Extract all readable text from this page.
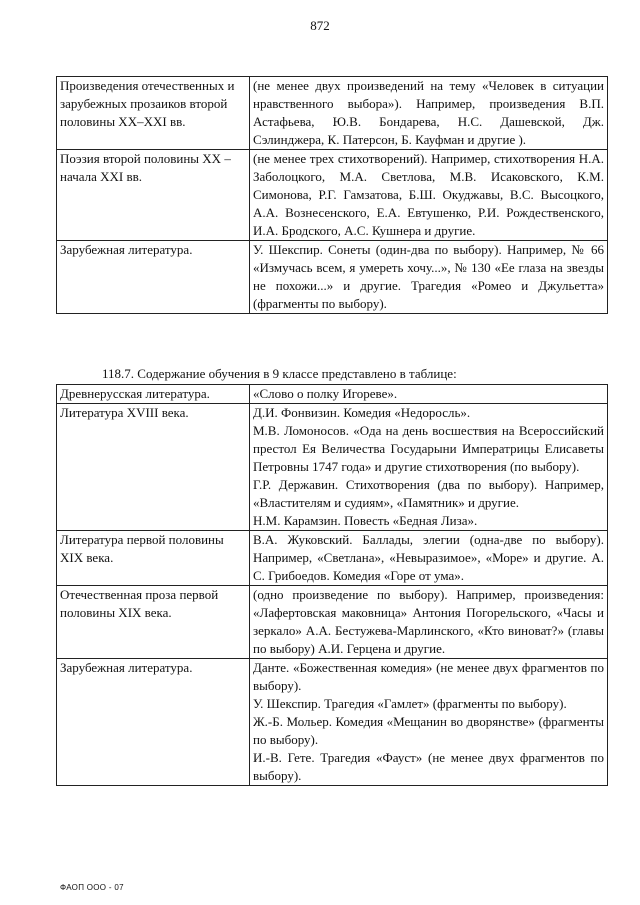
872
Произведения отечественных и зарубежных прозаиков второй половины XX–XXI вв.	(не менее двух произведений на тему «Человек в ситуации нравственного выбора»). Например, произведения В.П. Астафьева, Ю.В. Бондарева, Н.С. Дашевской, Дж. Сэлинджера, К. Патерсон, Б. Кауфман и другие ).

Поэзия второй половины XX – начала XXI вв.	(не менее трех стихотворений). Например, стихотворения Н.А. Заболоцкого, М.А. Светлова, М.В. Исаковского, К.М. Симонова, Р.Г. Гамзатова, Б.Ш. Окуджавы, В.С. Высоцкого, А.А. Вознесенского, Е.А. Евтушенко, Р.И. Рождественского, И.А. Бродского, А.С. Кушнера и другие.

Зарубежная литература.	У. Шекспир. Сонеты (один-два по выбору). Например, № 66 «Измучась всем, я умереть хочу...», № 130 «Ее глаза на звезды не похожи...» и другие. Трагедия «Ромео и Джульетта» (фрагменты по выбору).
118.7. Содержание обучения в 9 классе представлено в таблице:
Древнерусская литература.	«Слово о полку Игореве».

Литература XVIII века.	Д.И. Фонвизин. Комедия «Недоросль».
М.В. Ломоносов. «Ода на день восшествия на Всероссийский престол Ея Величества Государыни Императрицы Елисаветы Петровны 1747 года» и другие стихотворения (по выбору).
Г.Р. Державин. Стихотворения (два по выбору). Например, «Властителям и судиям», «Памятник» и другие.
Н.М. Карамзин. Повесть «Бедная Лиза».

Литература первой половины XIX века.	В.А. Жуковский. Баллады, элегии (одна-две по выбору). Например, «Светлана», «Невыразимое», «Море» и другие. А. С. Грибоедов. Комедия «Горе от ума».

Отечественная проза первой половины XIX века.	(одно произведение по выбору). Например, произведения: «Лафертовская маковница» Антония Погорельского, «Часы и зеркало» А.А. Бестужева-Марлинского, «Кто виноват?» (главы по выбору) А.И. Герцена и другие.

Зарубежная литература.	Данте. «Божественная комедия» (не менее двух фрагментов по выбору).
У. Шекспир. Трагедия «Гамлет» (фрагменты по выбору).
Ж.-Б. Мольер. Комедия «Мещанин во дворянстве» (фрагменты по выбору).
И.-В. Гете. Трагедия «Фауст» (не менее двух фрагментов по выбору).
ФАОП ООО - 07
